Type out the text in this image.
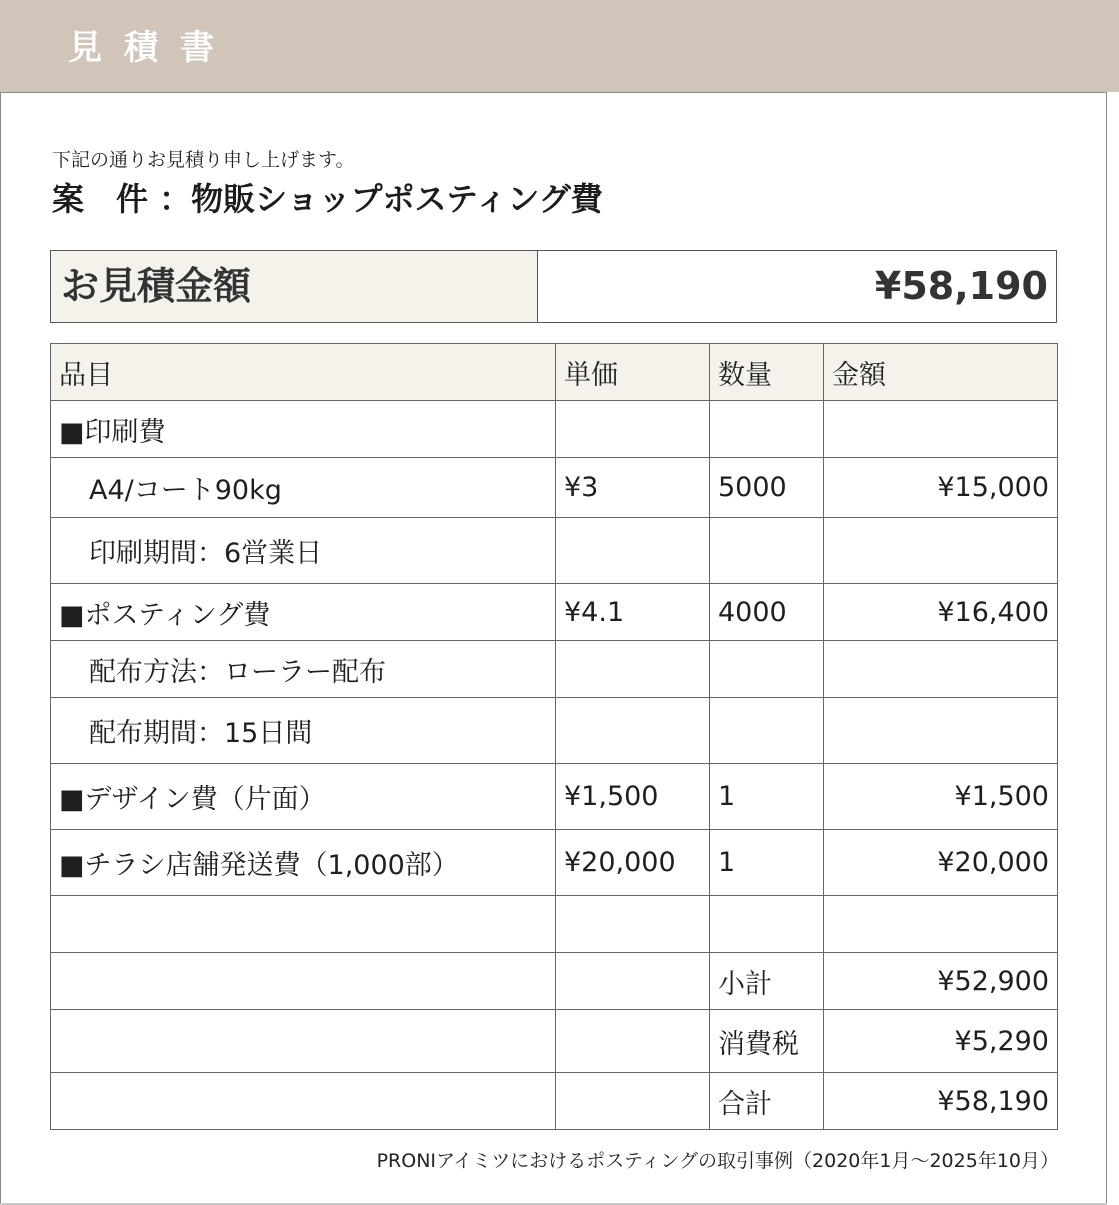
見積書
下記の通りお見積り申し上げます。
案　件 ：物販ショップポスティング費
お見積金額	¥58,190
品目	単価	数量	金額
■印刷費			
A4/コート90kg	¥3	5000	¥15,000
印刷期間：6営業日			
■ポスティング費	¥4.1	4000	¥16,400
配布方法：ローラー配布			
配布期間：15日間			
■デザイン費（片面）	¥1,500	1	¥1,500
■チラシ店舗発送費（1,000部）	¥20,000	1	¥20,000

		小計	¥52,900
		消費税	¥5,290
		合計	¥58,190
PRONIアイミツにおけるポスティングの取引事例（2020年1月〜2025年10月）
